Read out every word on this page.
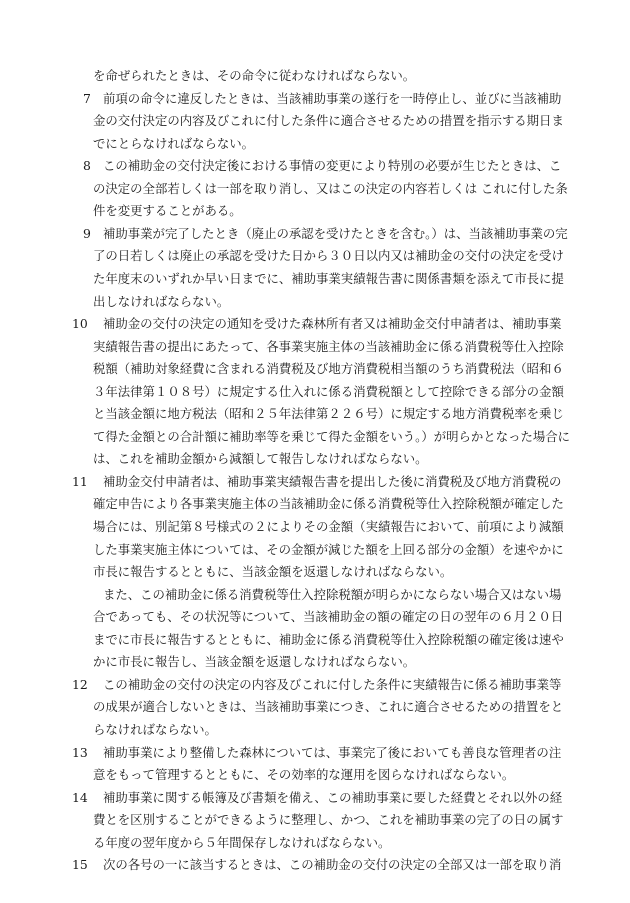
を命ぜられたときは、その命令に従わなければならない。
7 前項の命令に違反したときは、当該補助事業の遂行を一時停止し、並びに当該補助
金の交付決定の内容及びこれに付した条件に適合させるための措置を指示する期日ま
でにとらなければならない。
8 この補助金の交付決定後における事情の変更により特別の必要が生じたときは、こ
の決定の全部若しくは一部を取り消し、又はこの決定の内容若しくは これに付した条
件を変更することがある。
9 補助事業が完了したとき（廃止の承認を受けたときを含む。）は、当該補助事業の完
了の日若しくは廃止の承認を受けた日から３０日以内又は補助金の交付の決定を受け
た年度末のいずれか早い日までに、補助事業実績報告書に関係書類を添えて市長に提
出しなければならない。
10 補助金の交付の決定の通知を受けた森林所有者又は補助金交付申請者は、補助事業
実績報告書の提出にあたって、各事業実施主体の当該補助金に係る消費税等仕入控除
税額（補助対象経費に含まれる消費税及び地方消費税相当額のうち消費税法（昭和６
３年法律第１０８号）に規定する仕入れに係る消費税額として控除できる部分の金額
と当該金額に地方税法（昭和２５年法律第２２６号）に規定する地方消費税率を乗じ
て得た金額との合計額に補助率等を乗じて得た金額をいう。）が明らかとなった場合に
は、これを補助金額から減額して報告しなければならない。
11 補助金交付申請者は、補助事業実績報告書を提出した後に消費税及び地方消費税の
確定申告により各事業実施主体の当該補助金に係る消費税等仕入控除税額が確定した
場合には、別記第８号様式の２によりその金額（実績報告において、前項により減額
した事業実施主体については、その金額が減じた額を上回る部分の金額）を速やかに
市長に報告するとともに、当該金額を返還しなければならない。
また、この補助金に係る消費税等仕入控除税額が明らかにならない場合又はない場
合であっても、その状況等について、当該補助金の額の確定の日の翌年の６月２０日
までに市長に報告するとともに、補助金に係る消費税等仕入控除税額の確定後は速や
かに市長に報告し、当該金額を返還しなければならない。
12 この補助金の交付の決定の内容及びこれに付した条件に実績報告に係る補助事業等
の成果が適合しないときは、当該補助事業につき、これに適合させるための措置をと
らなければならない。
13 補助事業により整備した森林については、事業完了後においても善良な管理者の注
意をもって管理するとともに、その効率的な運用を図らなければならない。
14 補助事業に関する帳簿及び書類を備え、この補助事業に要した経費とそれ以外の経
費とを区別することができるように整理し、かつ、これを補助事業の完了の日の属す
る年度の翌年度から５年間保存しなければならない。
15 次の各号の一に該当するときは、この補助金の交付の決定の全部又は一部を取り消
